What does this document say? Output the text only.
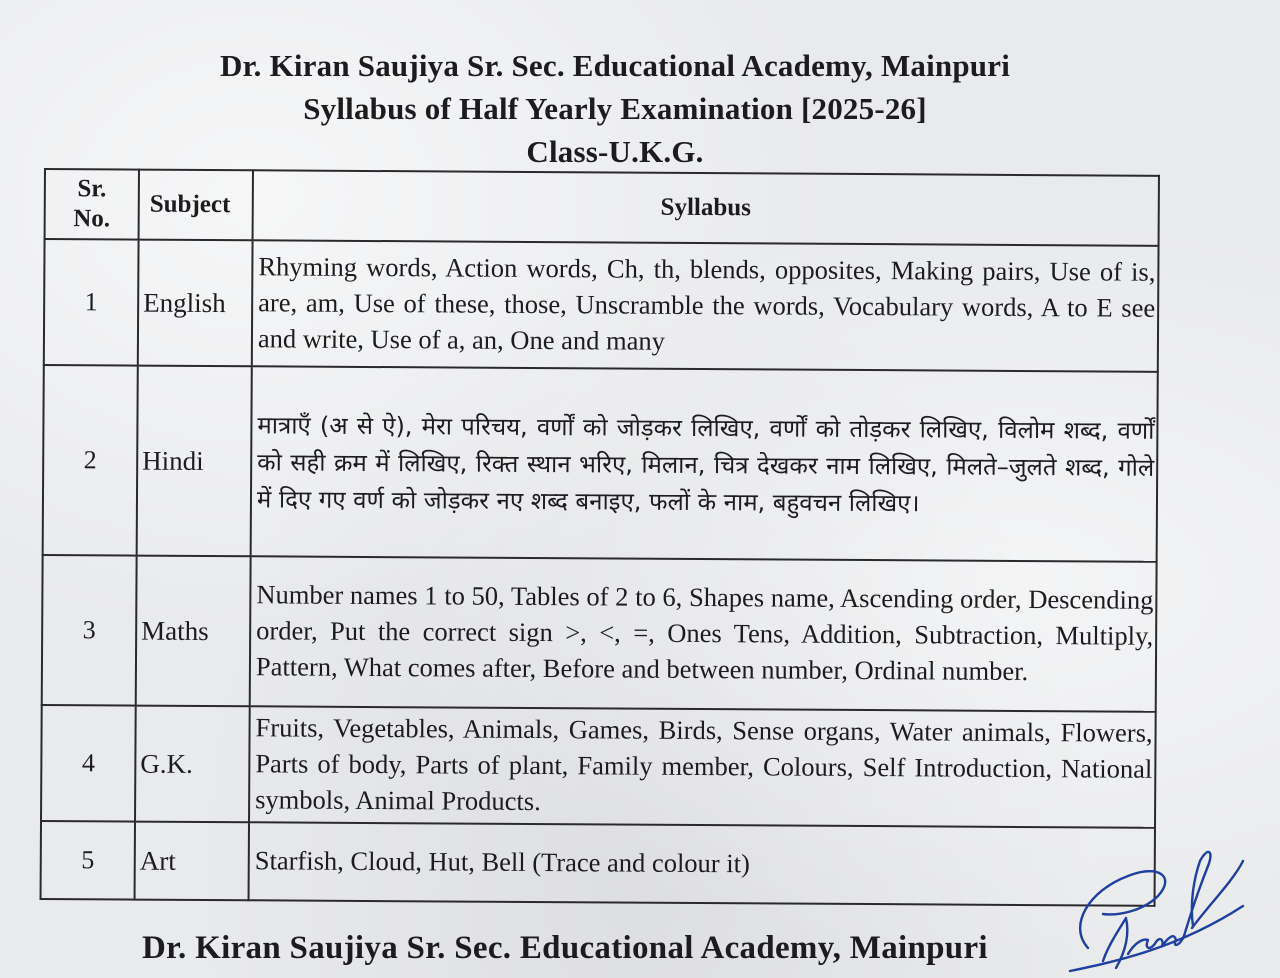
Dr. Kiran Saujiya Sr. Sec. Educational Academy, Mainpuri
Syllabus of Half Yearly Examination [2025-26]
Class-U.K.G.
Sr.
No.	Subject	Syllabus
1	English	Rhyming words, Action words, Ch, th, blends, opposites, Making pairs, Use of is, are, am, Use of these, those, Unscramble the words, Vocabulary words, A to E see and write, Use of a, an, One and many
2	Hindi	मात्राएँ (अ से ऐ), मेरा परिचय, वर्णों को जोड़कर लिखिए, वर्णों को तोड़कर लिखिए, विलोम शब्द, वर्णों को सही क्रम में लिखिए, रिक्त स्थान भरिए, मिलान, चित्र देखकर नाम लिखिए, मिलते–जुलते शब्द, गोले में दिए गए वर्ण को जोड़कर नए शब्द बनाइए, फलों के नाम, बहुवचन लिखिए।
3	Maths	Number names 1 to 50, Tables of 2 to 6, Shapes name, Ascending order, Descending order, Put the correct sign >, <, =, Ones Tens, Addition, Subtraction, Multiply, Pattern, What comes after, Before and between number, Ordinal number.
4	G.K.	Fruits, Vegetables, Animals, Games, Birds, Sense organs, Water animals, Flowers, Parts of body, Parts of plant, Family member, Colours, Self Introduction, National symbols, Animal Products.
5	Art	Starfish, Cloud, Hut, Bell (Trace and colour it)
Dr. Kiran Saujiya Sr. Sec. Educational Academy, Mainpuri
